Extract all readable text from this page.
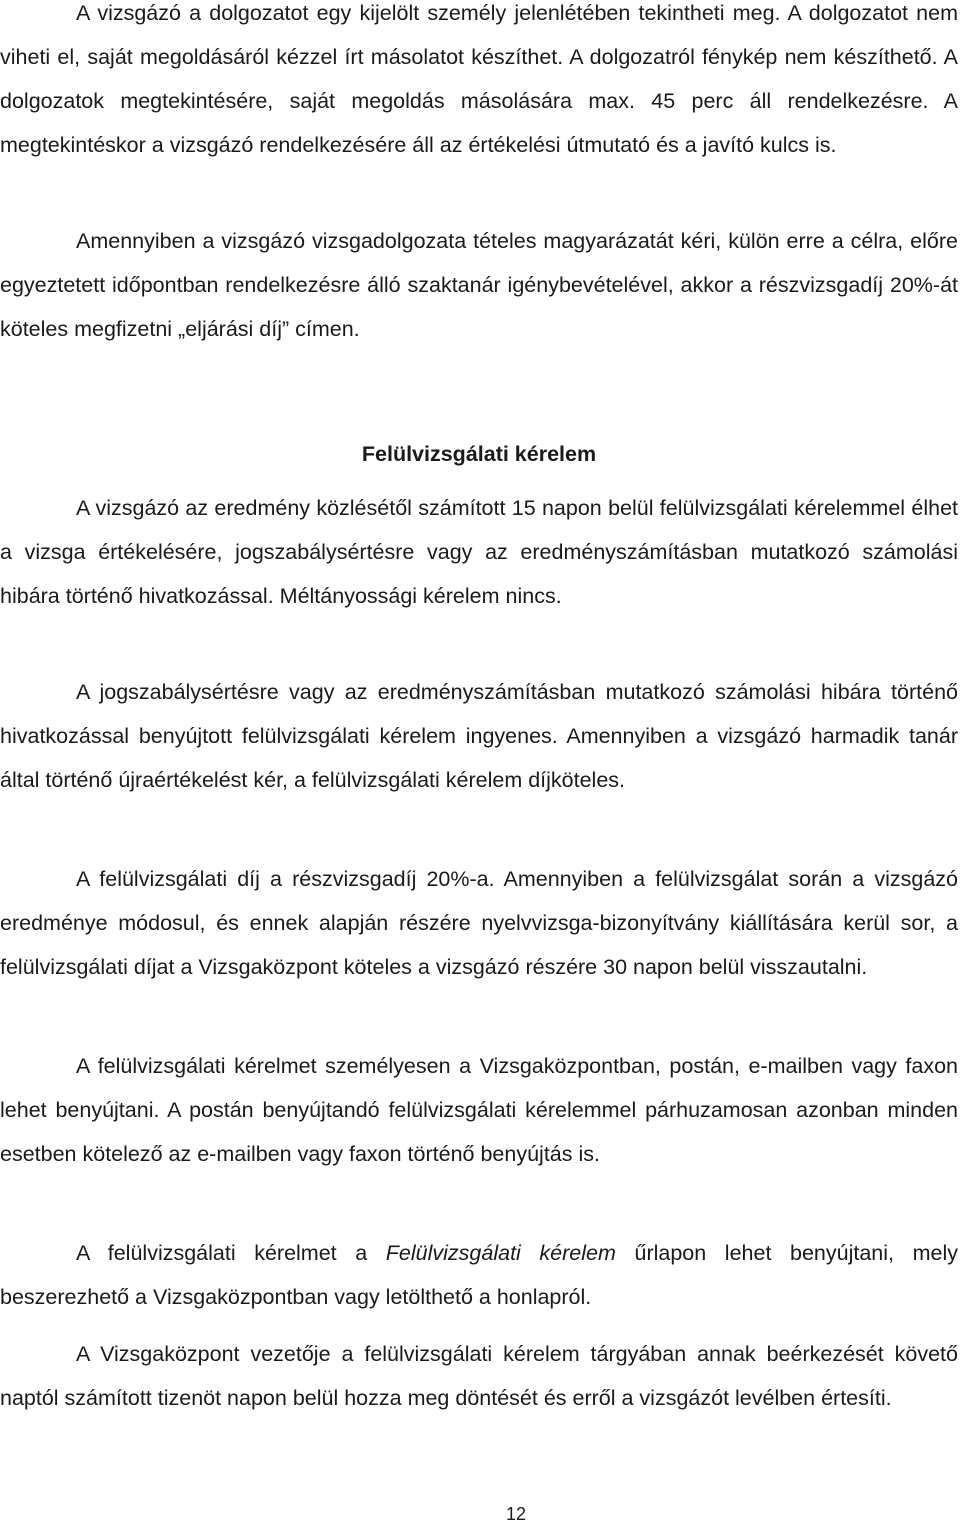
A vizsgázó a dolgozatot egy kijelölt személy jelenlétében tekintheti meg. A dolgozatot nem viheti el, saját megoldásáról kézzel írt másolatot készíthet. A dolgozatról fénykép nem készíthető. A dolgozatok megtekintésére, saját megoldás másolására max. 45 perc áll rendelkezésre. A megtekintéskor a vizsgázó rendelkezésére áll az értékelési útmutató és a javító kulcs is.

Amennyiben a vizsgázó vizsgadolgozata tételes magyarázatát kéri, külön erre a célra, előre egyeztetett időpontban rendelkezésre álló szaktanár igénybevételével, akkor a részvizsgadíj 20%-át köteles megfizetni „eljárási díj” címen.

Felülvizsgálati kérelem

A vizsgázó az eredmény közlésétől számított 15 napon belül felülvizsgálati kérelemmel élhet a vizsga értékelésére, jogszabálysértésre vagy az eredményszámításban mutatkozó számolási hibára történő hivatkozással. Méltányossági kérelem nincs.

A jogszabálysértésre vagy az eredményszámításban mutatkozó számolási hibára történő hivatkozással benyújtott felülvizsgálati kérelem ingyenes. Amennyiben a vizsgázó harmadik tanár által történő újraértékelést kér, a felülvizsgálati kérelem díjköteles.

A felülvizsgálati díj a részvizsgadíj 20%-a. Amennyiben a felülvizsgálat során a vizsgázó eredménye módosul, és ennek alapján részére nyelvvizsga-bizonyítvány kiállítására kerül sor, a felülvizsgálati díjat a Vizsgaközpont köteles a vizsgázó részére 30 napon belül visszautalni.

A felülvizsgálati kérelmet személyesen a Vizsgaközpontban, postán, e-mailben vagy faxon lehet benyújtani. A postán benyújtandó felülvizsgálati kérelemmel párhuzamosan azonban minden esetben kötelező az e-mailben vagy faxon történő benyújtás is.

A felülvizsgálati kérelmet a Felülvizsgálati kérelem űrlapon lehet benyújtani, mely beszerezhető a Vizsgaközpontban vagy letölthető a honlapról.

A Vizsgaközpont vezetője a felülvizsgálati kérelem tárgyában annak beérkezését követő naptól számított tizenöt napon belül hozza meg döntését és erről a vizsgázót levélben értesíti.

12
